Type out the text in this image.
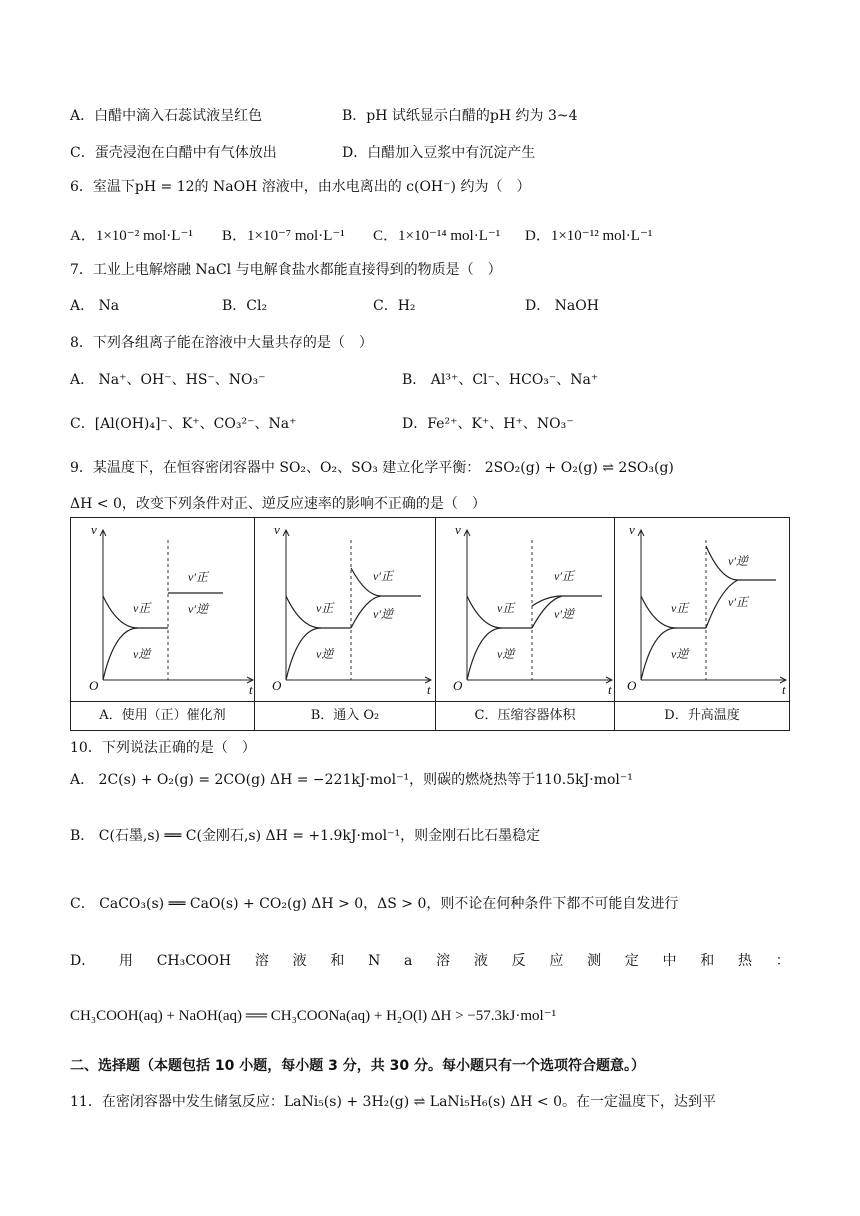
A．白醋中滴入石蕊试液呈红色	B．pH 试纸显示白醋的pH 约为 3~4
C．蛋壳浸泡在白醋中有气体放出	D．白醋加入豆浆中有沉淀产生
6．室温下pH = 12的 NaOH 溶液中，由水电离出的 c(OH⁻) 约为（　）
A．1×10⁻² mol·L⁻¹ B．1×10⁻⁷ mol·L⁻¹ C．1×10⁻¹⁴ mol·L⁻¹ D．1×10⁻¹² mol·L⁻¹
7．工业上电解熔融 NaCl 与电解食盐水都能直接得到的物质是（　）
A． Na	B．Cl₂	C．H₂	D． NaOH
8．下列各组离子能在溶液中大量共存的是（　）
A． Na⁺、OH⁻、HS⁻、NO₃⁻	B． Al³⁺、Cl⁻、HCO₃⁻、Na⁺
C．[Al(OH)₄]⁻、K⁺、CO₃²⁻、Na⁺	D．Fe²⁺、K⁺、H⁺、NO₃⁻
9．某温度下，在恒容密闭容器中 SO₂、O₂、SO₃ 建立化学平衡： 2SO₂(g) + O₂(g) ⇌ 2SO₃(g)
ΔH < 0，改变下列条件对正、逆反应速率的影响不正确的是（　）
v
t
O
v正
v逆
v′正
v′逆
v
t
O
v正
v逆
v′正
v′逆
v
t
O
v正
v逆
v′正
v′逆
v
t
O
v正
v逆
v′逆
v′正
A．使用（正）催化剂	B．通入 O₂	C．压缩容器体积	D．升高温度
10．下列说法正确的是（　）
A． 2C(s) + O₂(g) = 2CO(g) ΔH = −221kJ·mol⁻¹，则碳的燃烧热等于110.5kJ·mol⁻¹
B． C(石墨,s) ══ C(金刚石,s) ΔH = +1.9kJ·mol⁻¹，则金刚石比石墨稳定
C． CaCO₃(s) ══ CaO(s) + CO₂(g) ΔH > 0，ΔS > 0，则不论在何种条件下都不可能自发进行
D． 用 CH₃COOH 溶 液 和 N a 溶 液 反 应 测 定 中 和 热 ：
CH₃COOH(aq) + NaOH(aq) ══ CH₃COONa(aq) + H₂O(l) ΔH > −57.3kJ·mol⁻¹
二、选择题（本题包括 10 小题，每小题 3 分，共 30 分。每小题只有一个选项符合题意。）
11．在密闭容器中发生储氢反应：LaNi₅(s) + 3H₂(g) ⇌ LaNi₅H₆(s) ΔH < 0。在一定温度下，达到平
